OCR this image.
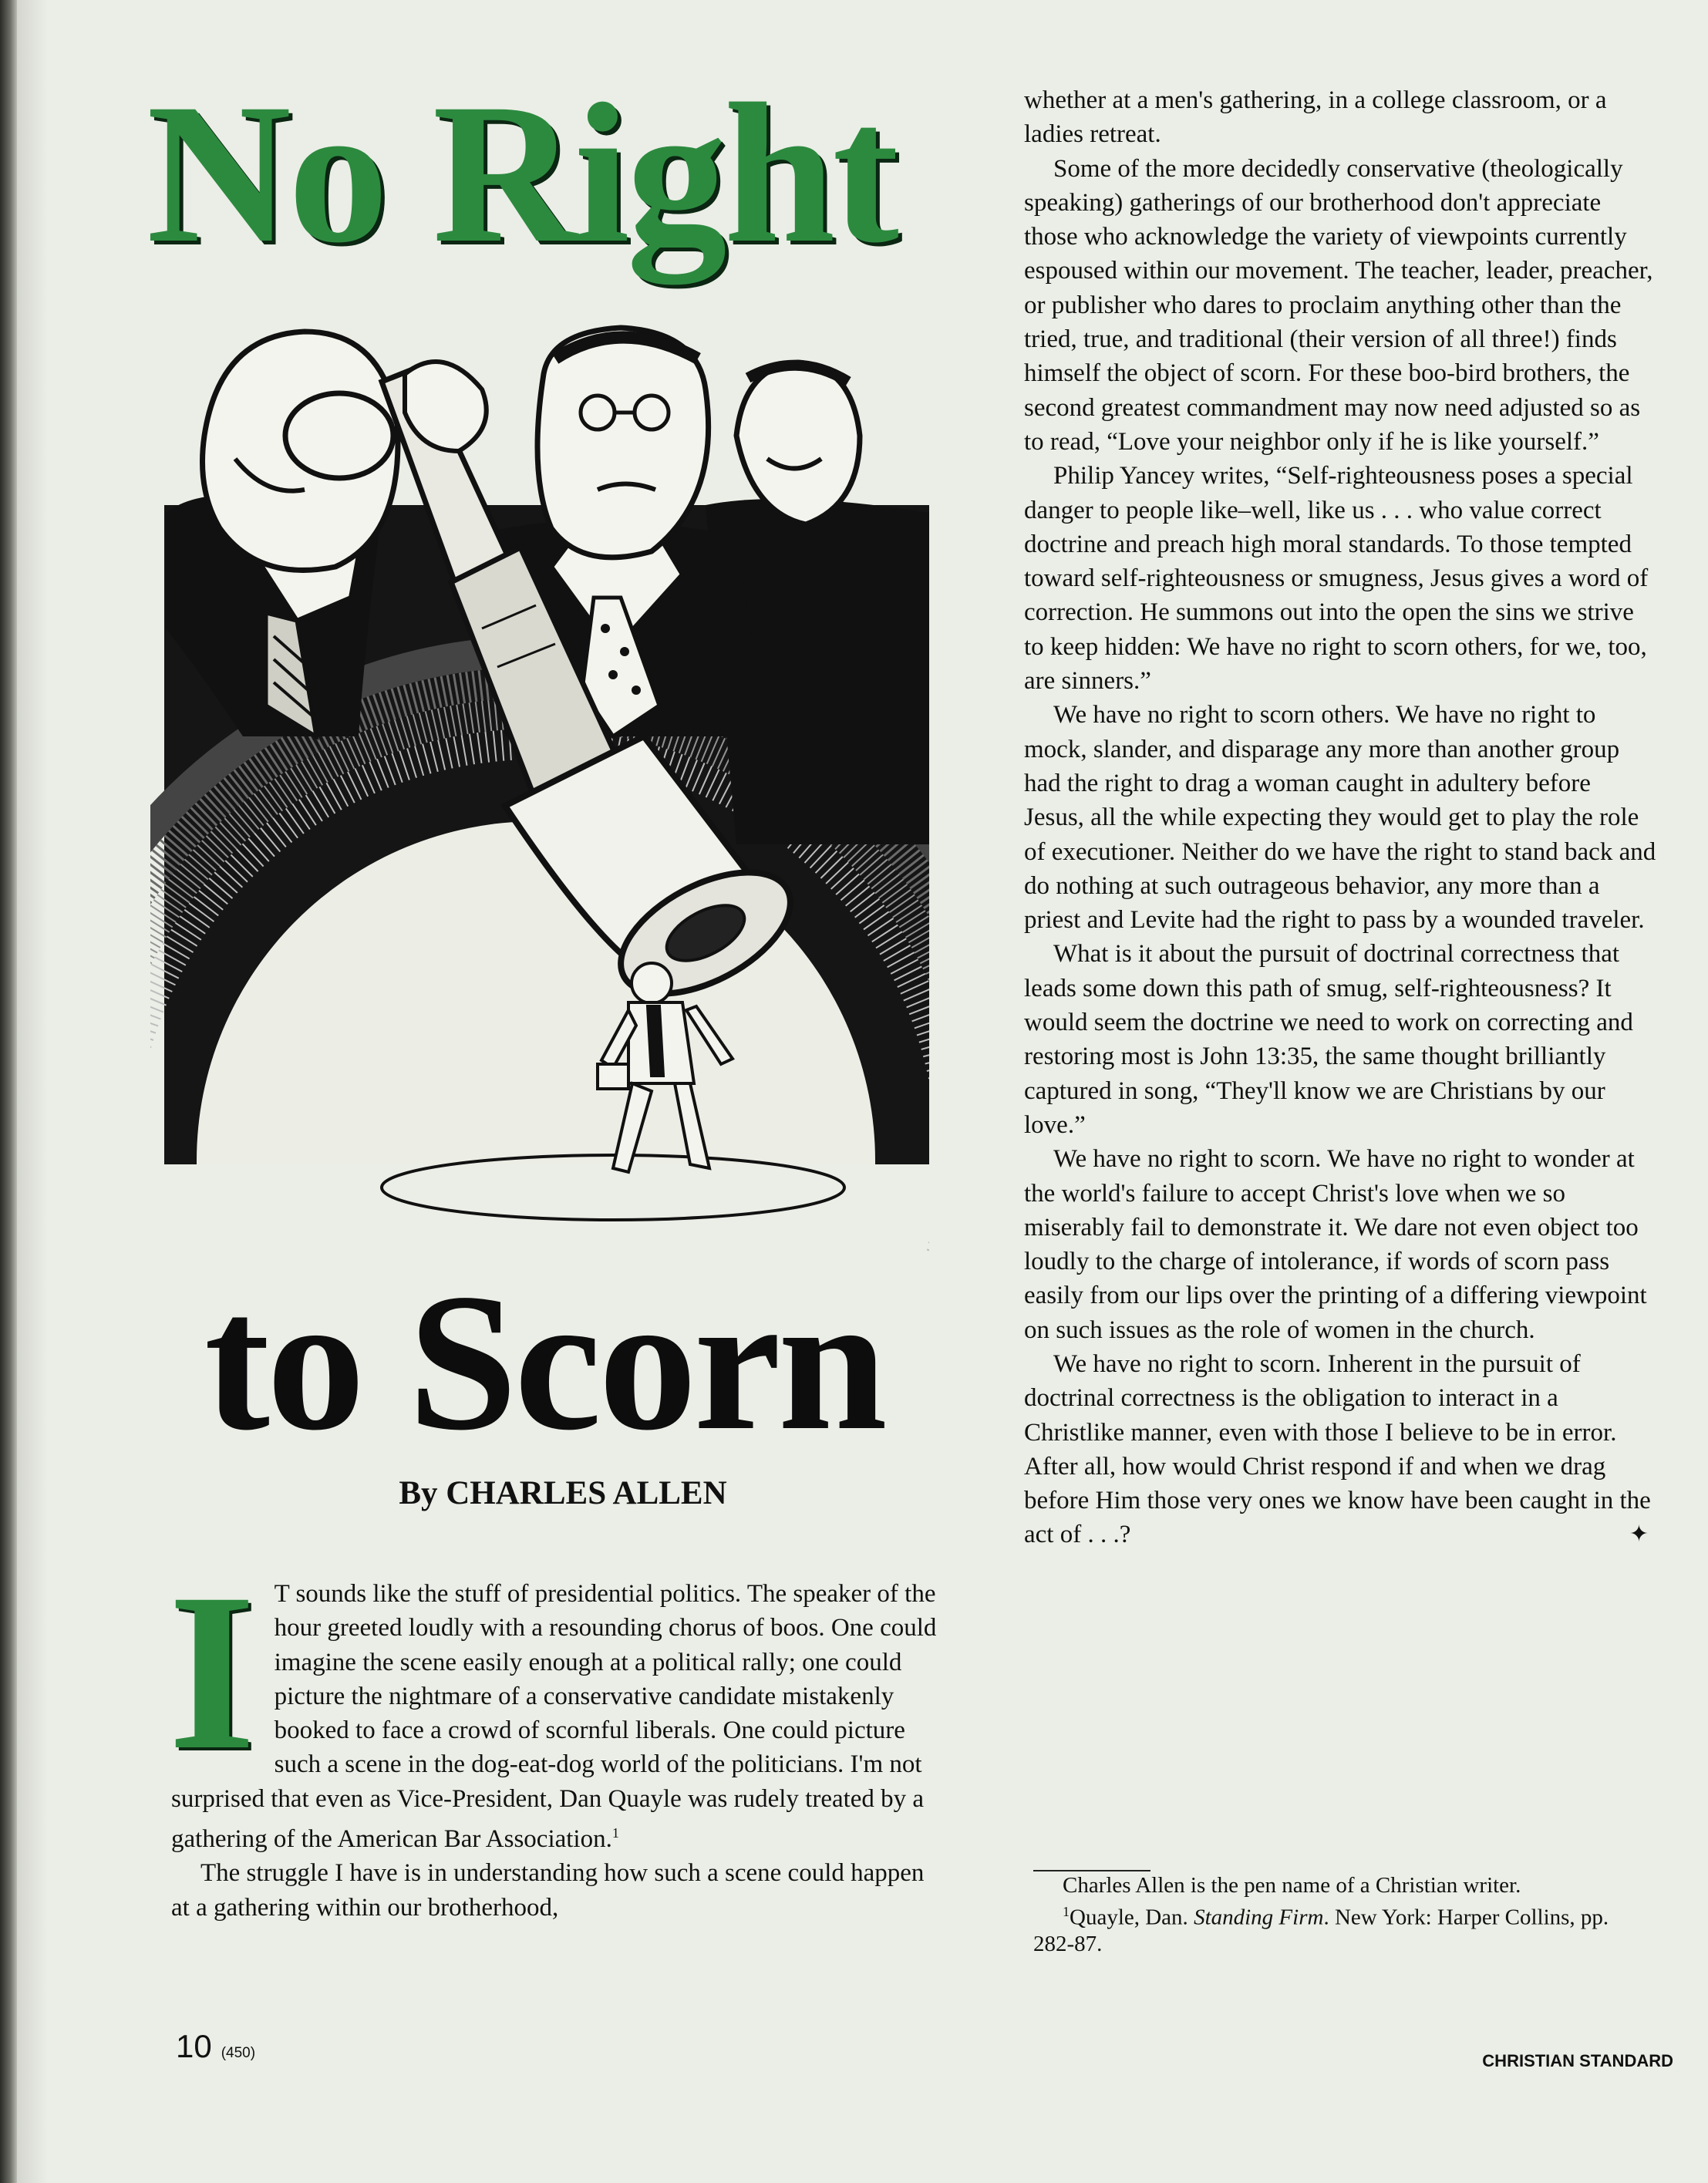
No Right
to Scorn

By CHARLES ALLEN

I T sounds like the stuff of presidential politics. The speaker of the hour greeted loudly with a resounding chorus of boos. One could imagine the scene easily enough at a political rally; one could picture the nightmare of a conservative candidate mistakenly booked to face a crowd of scornful liberals. One could picture such a scene in the dog-eat-dog world of the politicians. I'm not surprised that even as Vice-President, Dan Quayle was rudely treated by a gathering of the American Bar Association.$^1$

The struggle I have is in understanding how such a scene could happen at a gathering within our brotherhood,

whether at a men's gathering, in a college classroom, or a ladies retreat.

Some of the more decidedly conservative (theologically speaking) gatherings of our brotherhood don't appreciate those who acknowledge the variety of viewpoints currently espoused within our movement. The teacher, leader, preacher, or publisher who dares to proclaim anything other than the tried, true, and traditional (their version of all three!) finds himself the object of scorn. For these boo-bird brothers, the second greatest commandment may now need adjusted so as to read, “Love your neighbor only if he is like yourself.”

Philip Yancey writes, “Self-righteousness poses a special danger to people like–well, like us . . . who value correct doctrine and preach high moral standards. To those tempted toward self-righteousness or smugness, Jesus gives a word of correction. He summons out into the open the sins we strive to keep hidden: We have no right to scorn others, for we, too, are sinners.”

We have no right to scorn others. We have no right to mock, slander, and disparage any more than another group had the right to drag a woman caught in adultery before Jesus, all the while expecting they would get to play the role of executioner. Neither do we have the right to stand back and do nothing at such outrageous behavior, any more than a priest and Levite had the right to pass by a wounded traveler.

What is it about the pursuit of doctrinal correctness that leads some down this path of smug, self-righteousness? It would seem the doctrine we need to work on correcting and restoring most is John 13:35, the same thought brilliantly captured in song, “They'll know we are Christians by our love.”

We have no right to scorn. We have no right to wonder at the world's failure to accept Christ's love when we so miserably fail to demonstrate it. We dare not even object too loudly to the charge of intolerance, if words of scorn pass easily from our lips over the printing of a differing viewpoint on such issues as the role of women in the church.

We have no right to scorn. Inherent in the pursuit of doctrinal correctness is the obligation to interact in a Christlike manner, even with those I believe to be in error. After all, how would Christ respond if and when we drag before Him those very ones we know have been caught in the act of . . .?	✦

Charles Allen is the pen name of a Christian writer.

$^1$Quayle, Dan. Standing Firm. New York: Harper Collins, pp. 282-87.

10 (450)	CHRISTIAN STANDARD
